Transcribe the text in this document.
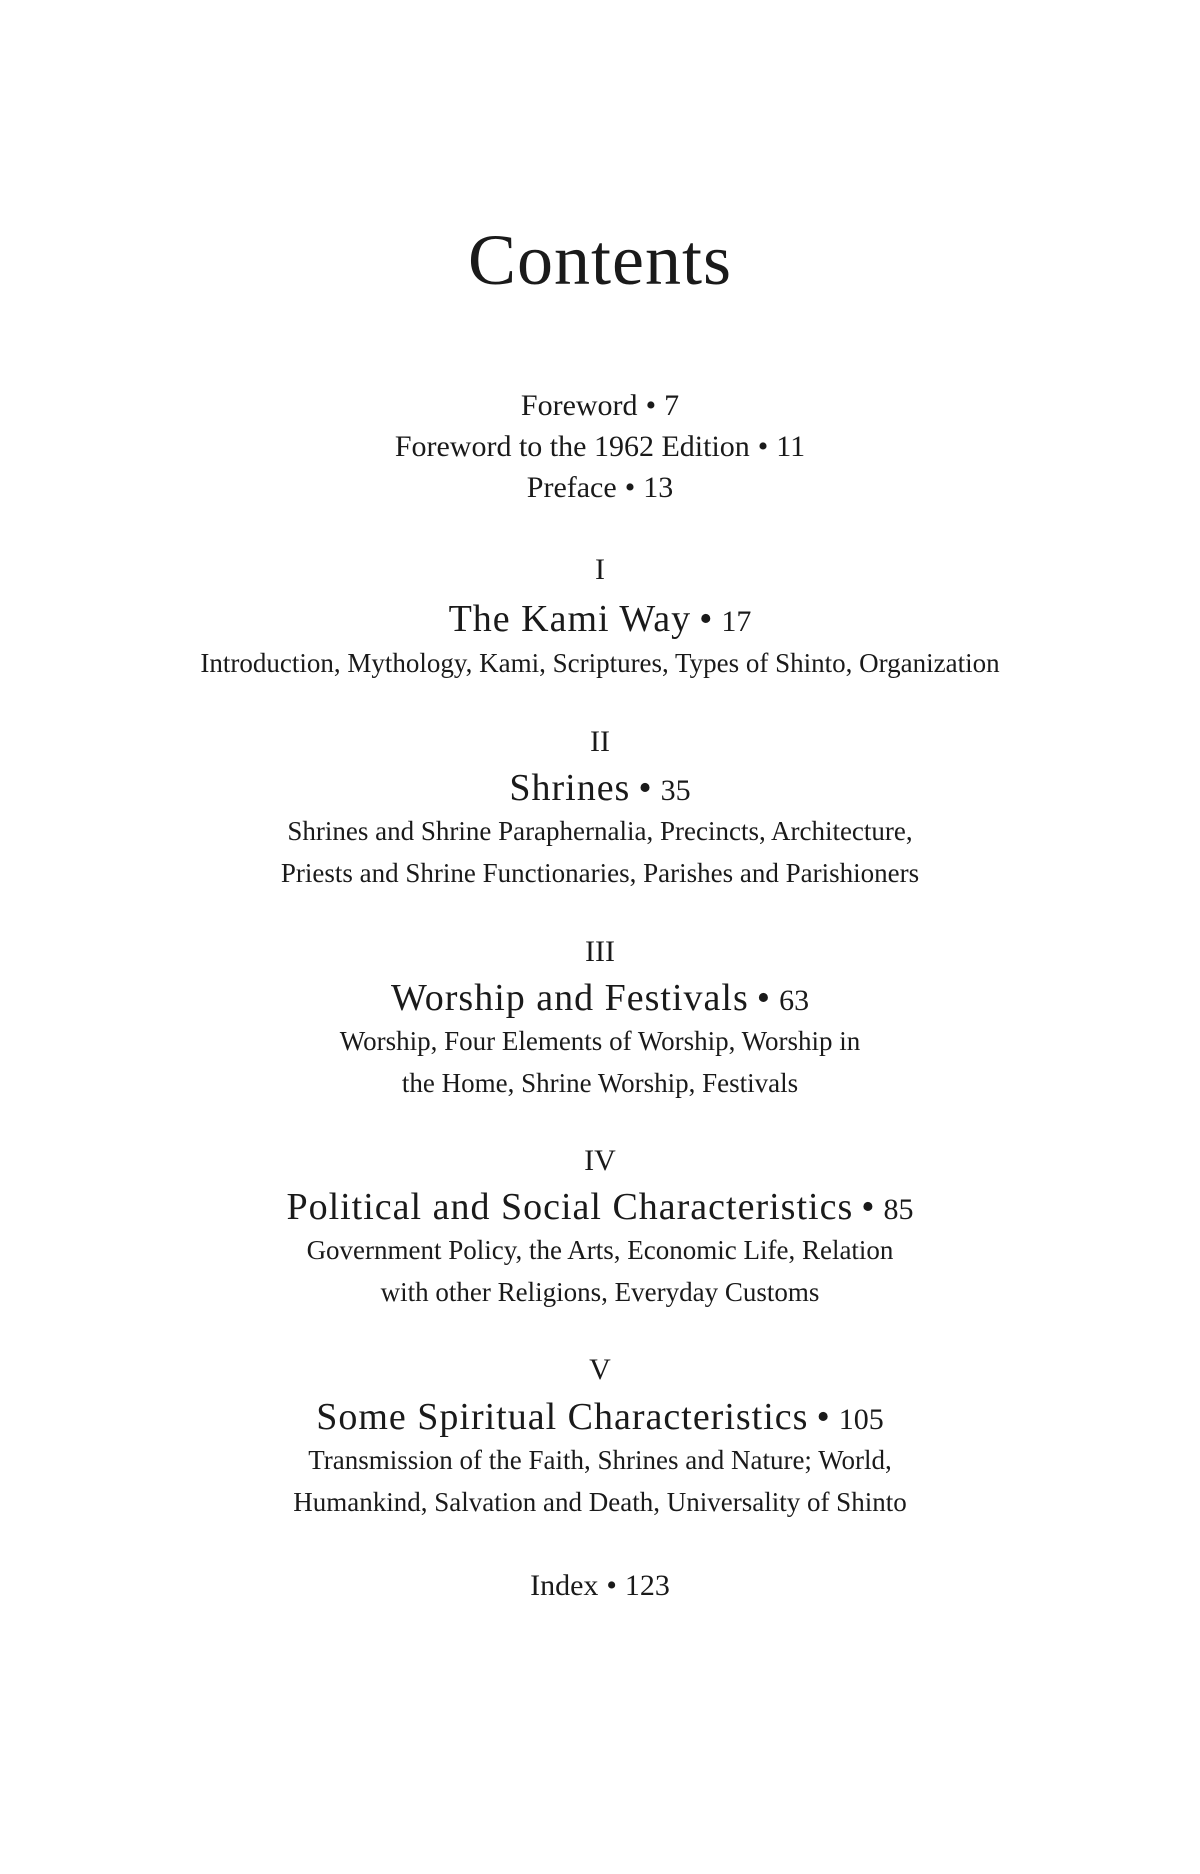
Contents
Foreword • 7
Foreword to the 1962 Edition • 11
Preface • 13
I
The Kami Way • 17
Introduction, Mythology, Kami, Scriptures, Types of Shinto, Organization
II
Shrines • 35
Shrines and Shrine Paraphernalia, Precincts, Architecture,
Priests and Shrine Functionaries, Parishes and Parishioners
III
Worship and Festivals • 63
Worship, Four Elements of Worship, Worship in
the Home, Shrine Worship, Festivals
IV
Political and Social Characteristics • 85
Government Policy, the Arts, Economic Life, Relation
with other Religions, Everyday Customs
V
Some Spiritual Characteristics • 105
Transmission of the Faith, Shrines and Nature; World,
Humankind, Salvation and Death, Universality of Shinto
Index • 123
